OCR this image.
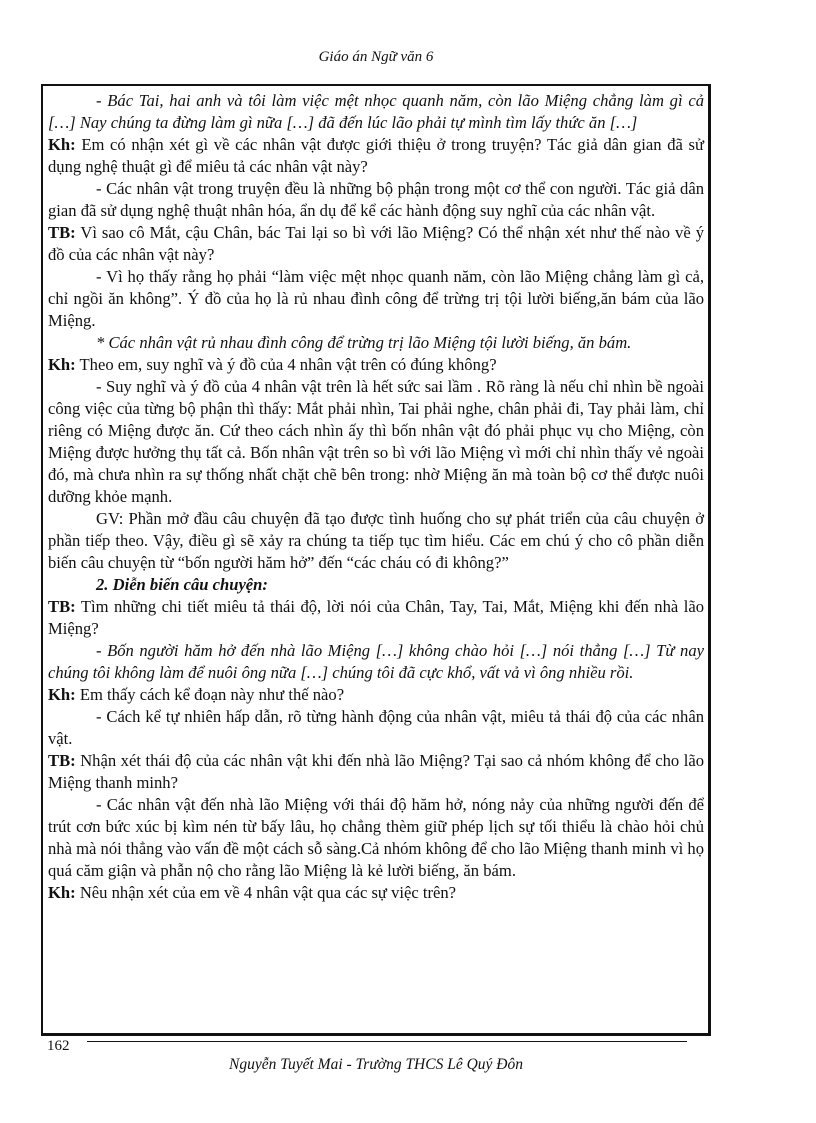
Giáo án Ngữ văn 6

- Bác Tai, hai anh và tôi làm việc mệt nhọc quanh năm, còn lão Miệng chẳng làm gì cả […] Nay chúng ta đừng làm gì nữa […] đã đến lúc lão phải tự mình tìm lấy thức ăn […]

Kh: Em có nhận xét gì về các nhân vật được giới thiệu ở trong truyện? Tác giả dân gian đã sử dụng nghệ thuật gì để miêu tả các nhân vật này?

- Các nhân vật trong truyện đều là những bộ phận trong một cơ thể con người. Tác giả dân gian đã sử dụng nghệ thuật nhân hóa, ẩn dụ để kể các hành động suy nghĩ của các nhân vật.

TB: Vì sao cô Mắt, cậu Chân, bác Tai lại so bì với lão Miệng? Có thể nhận xét như thế nào về ý đồ của các nhân vật này?

- Vì họ thấy rằng họ phải “làm việc mệt nhọc quanh năm, còn lão Miệng chẳng làm gì cả, chỉ ngồi ăn không”. Ý đồ của họ là rủ nhau đình công để trừng trị tội lười biếng,ăn bám của lão Miệng.

* Các nhân vật rủ nhau đình công để trừng trị lão Miệng tội lười biếng, ăn bám.

Kh: Theo em, suy nghĩ và ý đồ của 4 nhân vật trên có đúng không?

- Suy nghĩ và ý đồ của 4 nhân vật trên là hết sức sai lầm . Rõ ràng là nếu chỉ nhìn bề ngoài công việc của từng bộ phận thì thấy: Mắt phải nhìn, Tai phải nghe, chân phải đi, Tay phải làm, chỉ riêng có Miệng được ăn. Cứ theo cách nhìn ấy thì bốn nhân vật đó phải phục vụ cho Miệng, còn Miệng được hưởng thụ tất cả. Bốn nhân vật trên so bì với lão Miệng vì mới chỉ nhìn thấy vẻ ngoài đó, mà chưa nhìn ra sự thống nhất chặt chẽ bên trong: nhờ Miệng ăn mà toàn bộ cơ thể được nuôi dưỡng khỏe mạnh.

GV: Phần mở đầu câu chuyện đã tạo được tình huống cho sự phát triển của câu chuyện ở phần tiếp theo. Vậy, điều gì sẽ xảy ra chúng ta tiếp tục tìm hiểu. Các em chú ý cho cô phần diễn biến câu chuyện từ “bốn người hăm hở” đến “các cháu có đi không?”

2. Diễn biến câu chuyện:

TB: Tìm những chi tiết miêu tả thái độ, lời nói của Chân, Tay, Tai, Mắt, Miệng khi đến nhà lão Miệng?

- Bốn người hăm hở đến nhà lão Miệng […] không chào hỏi […] nói thẳng […] Từ nay chúng tôi không làm để nuôi ông nữa […] chúng tôi đã cực khổ, vất vả vì ông nhiều rồi.

Kh: Em thấy cách kể đoạn này như thế nào?

- Cách kể tự nhiên hấp dẫn, rõ từng hành động của nhân vật, miêu tả thái độ của các nhân vật.

TB: Nhận xét thái độ của các nhân vật khi đến nhà lão Miệng? Tại sao cả nhóm không để cho lão Miệng thanh minh?

- Các nhân vật đến nhà lão Miệng với thái độ hăm hở, nóng nảy của những người đến để trút cơn bức xúc bị kìm nén từ bấy lâu, họ chẳng thèm giữ phép lịch sự tối thiểu là chào hỏi chủ nhà mà nói thẳng vào vấn đề một cách sỗ sàng.Cả nhóm không để cho lão Miệng thanh minh vì họ quá căm giận và phẫn nộ cho rằng lão Miệng là kẻ lười biếng, ăn bám.

Kh: Nêu nhận xét của em về 4 nhân vật qua các sự việc trên?

162
Nguyễn Tuyết Mai - Trường THCS Lê Quý Đôn
